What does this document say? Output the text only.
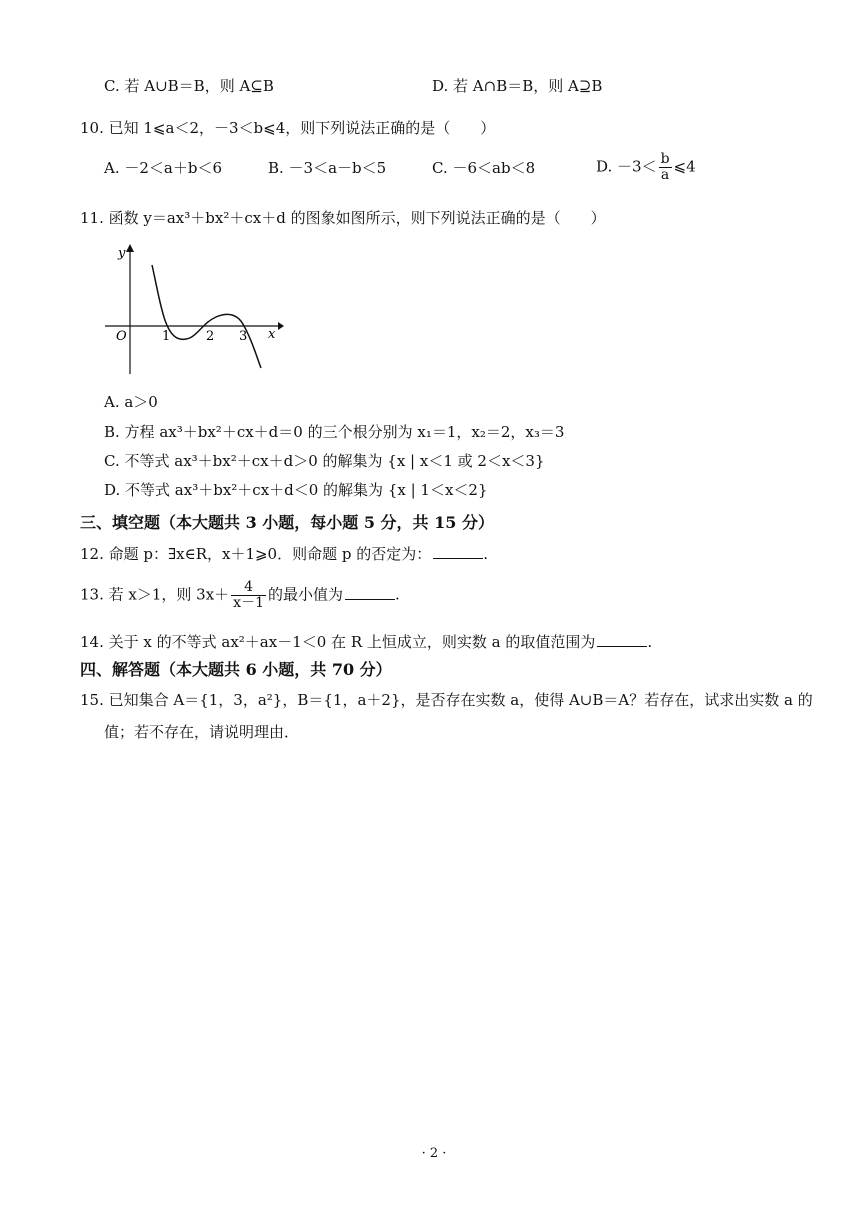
C. 若 A∪B＝B，则 A⊆B	D. 若 A∩B＝B，则 A⊇B
10. 已知 1⩽a＜2，－3＜b⩽4，则下列说法正确的是（　　）
A. －2＜a＋b＜6	B. －3＜a－b＜5	C. －6＜ab＜8	D. $-3< \frac{b}{a}$ ⩽4
11. 函数 y＝ax³＋bx²＋cx＋d 的图象如图所示，则下列说法正确的是（　　）
y
x
O	1	2 3
A. a＞0
B. 方程 ax³＋bx²＋cx＋d＝0 的三个根分别为 x₁＝1，x₂＝2，x₃＝3
C. 不等式 ax³＋bx²＋cx＋d＞0 的解集为 {x | x＜1 或 2＜x＜3}
D. 不等式 ax³＋bx²＋cx＋d＜0 的解集为 {x | 1＜x＜2}
三、填空题（本大题共 3 小题，每小题 5 分，共 15 分）
12. 命题 p：∃x∈R，x＋1⩾0．则命题 p 的否定为：	.
13. 若 x＞1，则 $3x+ \frac{4}{x-1}$ 的最小值为	.
14. 关于 x 的不等式 ax²＋ax－1＜0 在 R 上恒成立，则实数 a 的取值范围为	.
四、解答题（本大题共 6 小题，共 70 分）
15. 已知集合 A＝{1，3，a²}，B＝{1，a＋2}，是否存在实数 a，使得 A∪B＝A？若存在，试求出实数 a 的
值；若不存在，请说明理由．
· 2 ·
